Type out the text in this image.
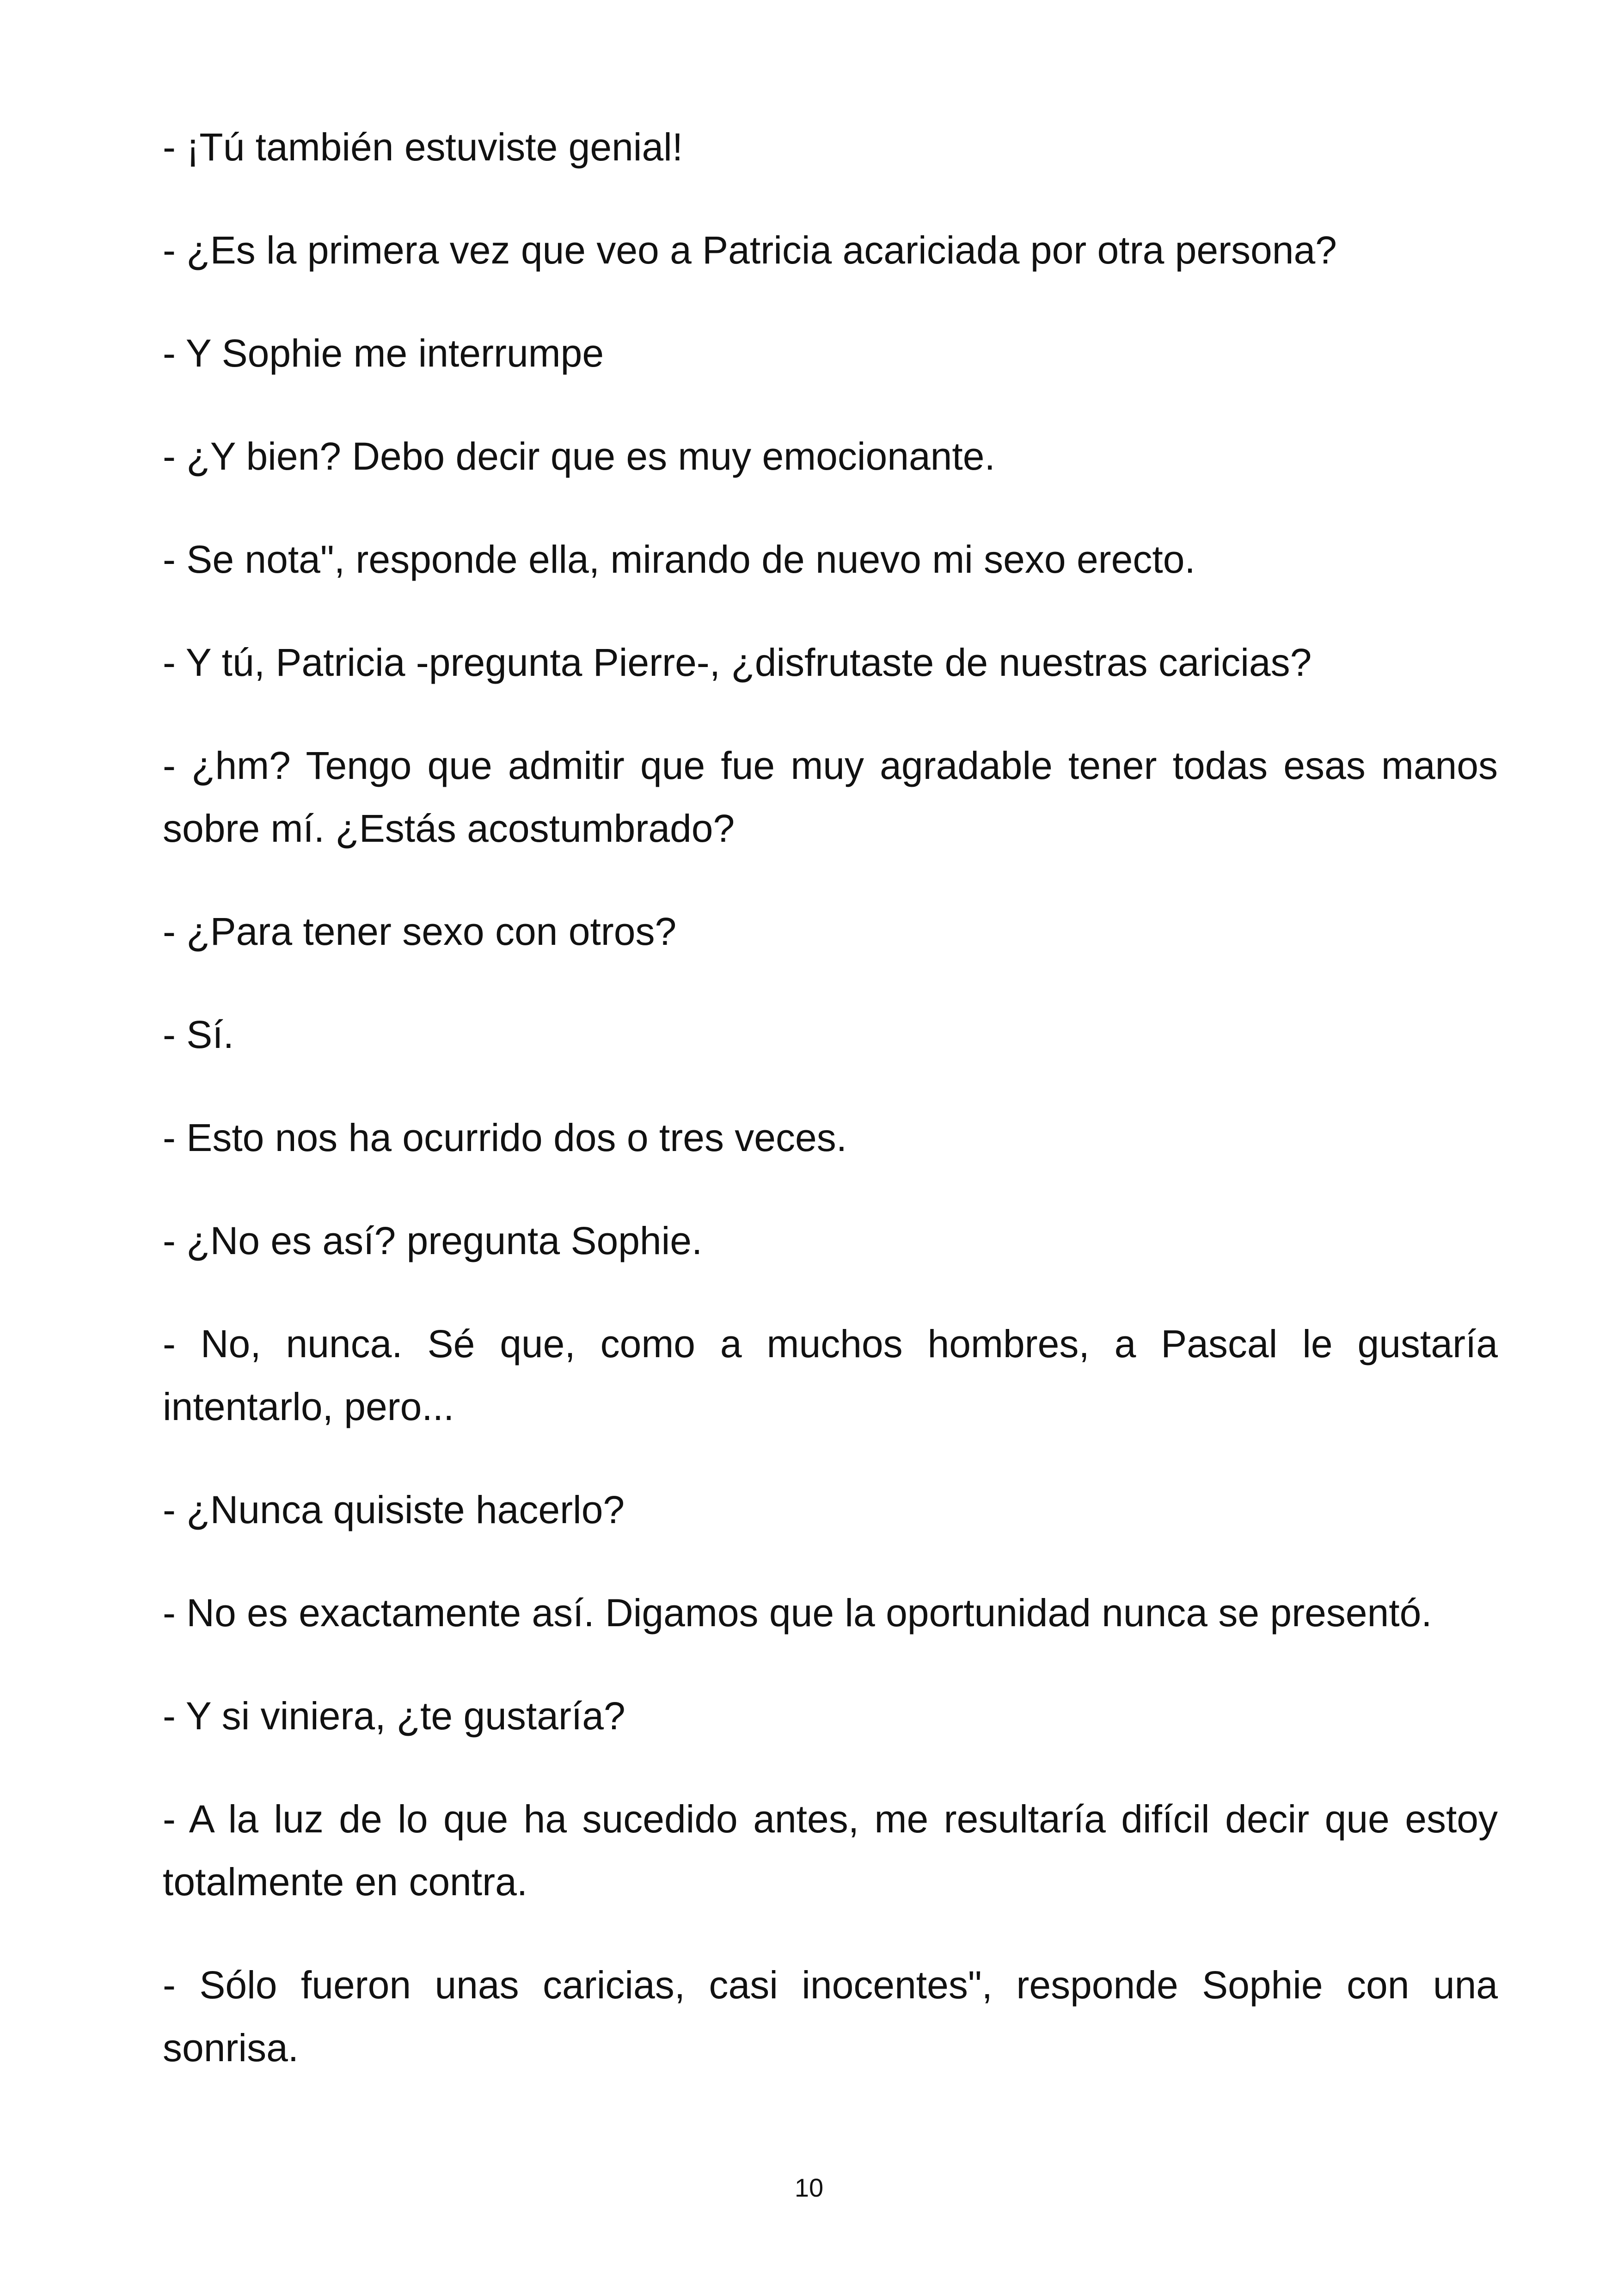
- ¡Tú también estuviste genial!

- ¿Es la primera vez que veo a Patricia acariciada por otra persona?

- Y Sophie me interrumpe

- ¿Y bien? Debo decir que es muy emocionante.

- Se nota", responde ella, mirando de nuevo mi sexo erecto.

- Y tú, Patricia -pregunta Pierre-, ¿disfrutaste de nuestras caricias?

- ¿hm? Tengo que admitir que fue muy agradable tener todas esas manos sobre mí. ¿Estás acostumbrado?

- ¿Para tener sexo con otros?

- Sí.

- Esto nos ha ocurrido dos o tres veces.

- ¿No es así? pregunta Sophie.

- No, nunca. Sé que, como a muchos hombres, a Pascal le gustaría intentarlo, pero...

- ¿Nunca quisiste hacerlo?

- No es exactamente así. Digamos que la oportunidad nunca se presentó.

- Y si viniera, ¿te gustaría?

- A la luz de lo que ha sucedido antes, me resultaría difícil decir que estoy totalmente en contra.

- Sólo fueron unas caricias, casi inocentes", responde Sophie con una sonrisa.

10
